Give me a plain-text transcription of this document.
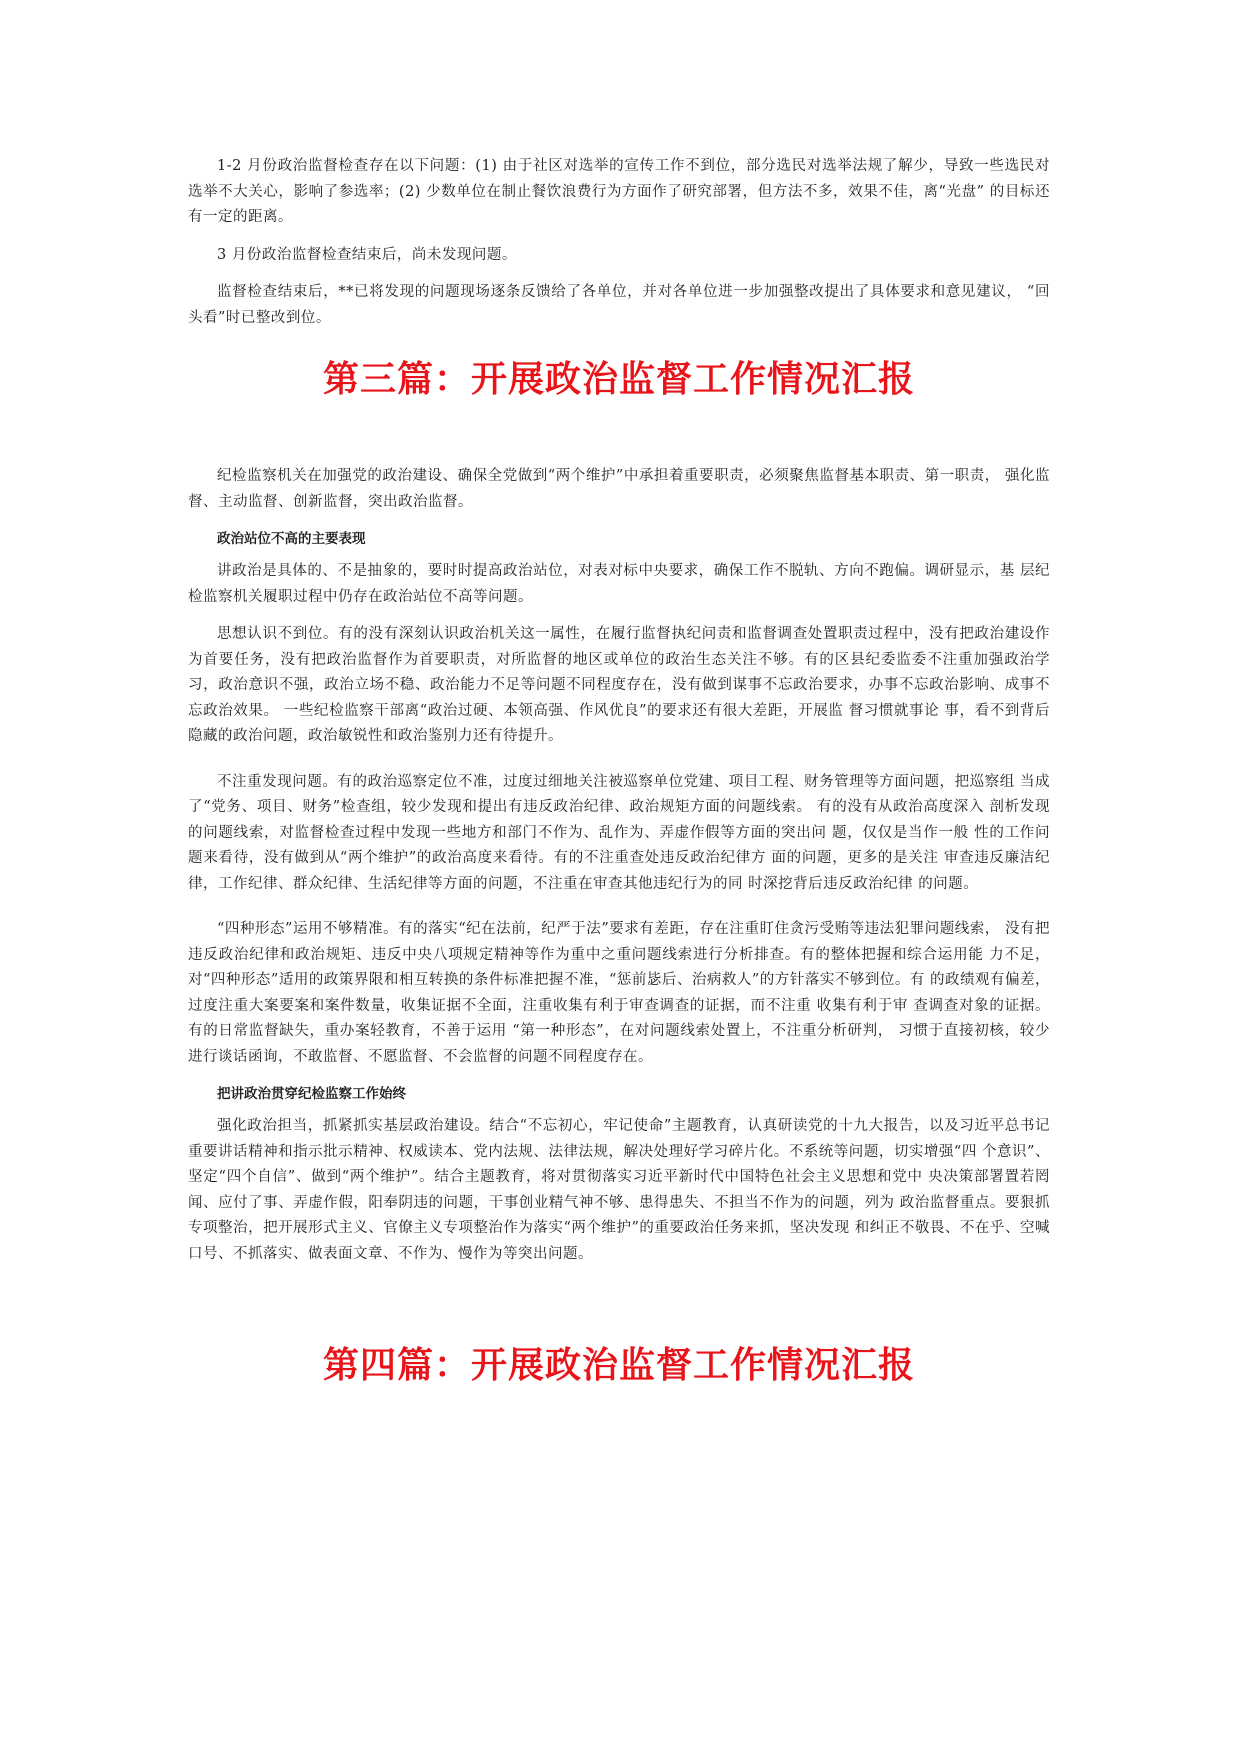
1-2 月份政治监督检查存在以下问题：(1) 由于社区对选举的宣传工作不到位，部分选民对选举法规了解少，导致一些选民对选举不大关心，影响了参选率；(2) 少数单位在制止餐饮浪费行为方面作了研究部署，但方法不多，效果不佳，离“光盘” 的目标还有一定的距离。

3 月份政治监督检查结束后，尚未发现问题。

监督检查结束后，**已将发现的问题现场逐条反馈给了各单位，并对各单位进一步加强整改提出了具体要求和意见建议， “回头看”时已整改到位。

第三篇：开展政治监督工作情况汇报

纪检监察机关在加强党的政治建设、确保全党做到“两个维护”中承担着重要职责，必须聚焦监督基本职责、第一职责， 强化监督、主动监督、创新监督，突出政治监督。

政治站位不高的主要表现

讲政治是具体的、不是抽象的，要时时提高政治站位，对表对标中央要求，确保工作不脱轨、方向不跑偏。调研显示，基 层纪检监察机关履职过程中仍存在政治站位不高等问题。

思想认识不到位。有的没有深刻认识政治机关这一属性，在履行监督执纪问责和监督调查处置职责过程中，没有把政治建设作为首要任务，没有把政治监督作为首要职责，对所监督的地区或单位的政治生态关注不够。有的区县纪委监委不注重加强政治学习，政治意识不强，政治立场不稳、政治能力不足等问题不同程度存在，没有做到谋事不忘政治要求，办事不忘政治影响、成事不忘政治效果。 一些纪检监察干部离“政治过硬、本领高强、作风优良”的要求还有很大差距，开展监 督习惯就事论 事，看不到背后隐藏的政治问题，政治敏锐性和政治鉴别力还有待提升。

不注重发现问题。有的政治巡察定位不准，过度过细地关注被巡察单位党建、项目工程、财务管理等方面问题，把巡察组 当成了“党务、项目、财务”检查组，较少发现和提出有违反政治纪律、政治规矩方面的问题线索。 有的没有从政治高度深入 剖析发现的问题线索，对监督检查过程中发现一些地方和部门不作为、乱作为、弄虚作假等方面的突出问 题，仅仅是当作一般 性的工作问题来看待，没有做到从“两个维护”的政治高度来看待。有的不注重查处违反政治纪律方 面的问题，更多的是关注 审查违反廉洁纪律，工作纪律、群众纪律、生活纪律等方面的问题，不注重在审查其他违纪行为的同 时深挖背后违反政治纪律 的问题。

“四种形态”运用不够精准。有的落实“纪在法前，纪严于法”要求有差距，存在注重盯住贪污受贿等违法犯罪问题线索， 没有把违反政治纪律和政治规矩、违反中央八项规定精神等作为重中之重问题线索进行分析排查。有的整体把握和综合运用能 力不足，对“四种形态”适用的政策界限和相互转换的条件标准把握不准，“惩前毖后、治病救人”的方针落实不够到位。有 的政绩观有偏差，过度注重大案要案和案件数量，收集证据不全面，注重收集有利于审查调查的证据，而不注重 收集有利于审 查调查对象的证据。有的日常监督缺失，重办案轻教育，不善于运用 “第一种形态”，在对问题线索处置上，不注重分析研判， 习惯于直接初核，较少进行谈话函询，不敢监督、不愿监督、不会监督的问题不同程度存在。

把讲政治贯穿纪检监察工作始终

强化政治担当，抓紧抓实基层政治建设。结合“不忘初心，牢记使命”主题教育，认真研读党的十九大报告，以及习近平总书记重要讲话精神和指示批示精神、权威读本、党内法规、法律法规，解决处理好学习碎片化。不系统等问题，切实增强“四 个意识”、坚定“四个自信”、做到“两个维护”。结合主题教育，将对贯彻落实习近平新时代中国特色社会主义思想和党中 央决策部署置若罔闻、应付了事、弄虚作假，阳奉阴违的问题，干事创业精气神不够、患得患失、不担当不作为的问题，列为 政治监督重点。要狠抓专项整治，把开展形式主义、官僚主义专项整治作为落实“两个维护”的重要政治任务来抓，坚决发现 和纠正不敬畏、不在乎、空喊口号、不抓落实、做表面文章、不作为、慢作为等突出问题。

第四篇：开展政治监督工作情况汇报
